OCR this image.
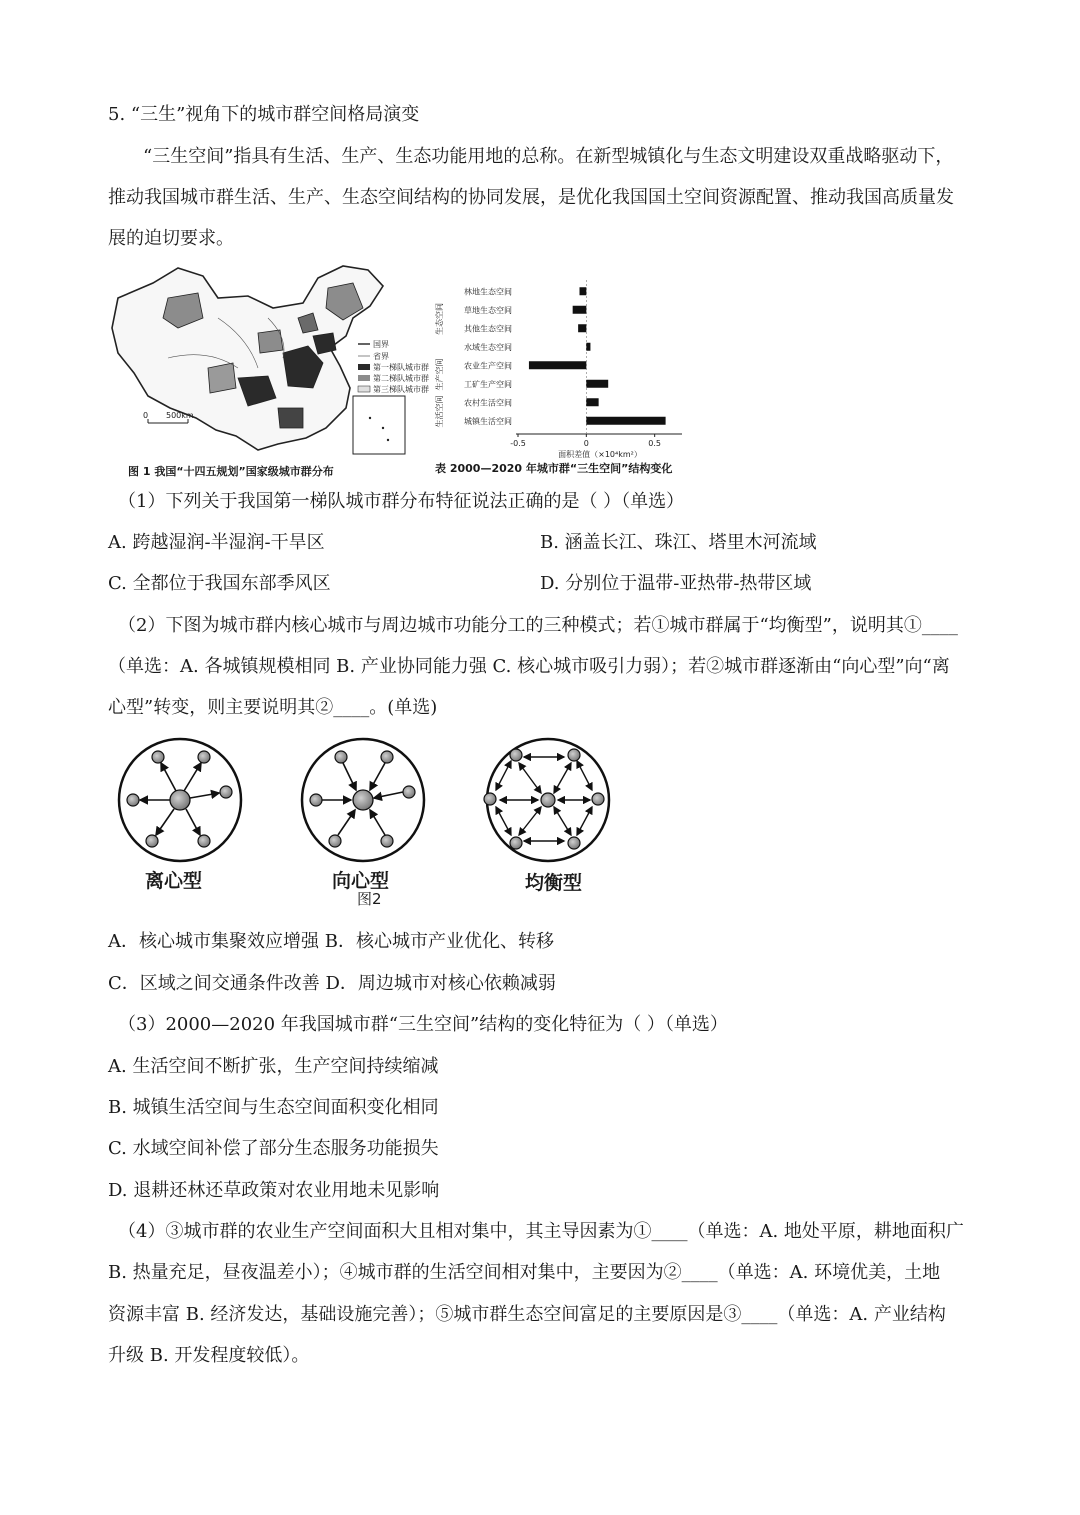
5. “三生”视角下的城市群空间格局演变
“三生空间”指具有生活、生产、生态功能用地的总称。在新型城镇化与生态文明建设双重战略驱动下，
推动我国城市群生活、生产、生态空间结构的协同发展，是优化我国国土空间资源配置、推动我国高质量发
展的迫切要求。
国界
省界
第一梯队城市群
第二梯队城市群
第三梯队城市群
0 500km
图 1 我国“十四五规划”国家级城市群分布
林地生态空间
草地生态空间
其他生态空间
水域生态空间
农业生产空间
工矿生产空间
农村生活空间
城镇生活空间
-0.5	0	0.5
面积差值（×10⁴km²）
生态空间
生产空间
生活空间
表 2000—2020 年城市群“三生空间”结构变化
（1）下列关于我国第一梯队城市群分布特征说法正确的是（ ）（单选）
A. 跨越湿润-半湿润-干旱区	B. 涵盖长江、珠江、塔里木河流域
C. 全都位于我国东部季风区	D. 分别位于温带-亚热带-热带区域
（2）下图为城市群内核心城市与周边城市功能分工的三种模式；若①城市群属于“均衡型”，说明其①____
（单选：A. 各城镇规模相同 B. 产业协同能力强 C. 核心城市吸引力弱）；若②城市群逐渐由“向心型”向“离
心型”转变，则主要说明其②____。(单选)
离心型	向心型	均衡型
图2
A．核心城市集聚效应增强 B．核心城市产业优化、转移
C．区域之间交通条件改善 D．周边城市对核心依赖减弱
（3）2000—2020 年我国城市群“三生空间”结构的变化特征为（ ）（单选）
A. 生活空间不断扩张，生产空间持续缩减
B. 城镇生活空间与生态空间面积变化相同
C. 水域空间补偿了部分生态服务功能损失
D. 退耕还林还草政策对农业用地未见影响
（4）③城市群的农业生产空间面积大且相对集中，其主导因素为①____（单选：A. 地处平原，耕地面积广
B. 热量充足，昼夜温差小）；④城市群的生活空间相对集中，主要因为②____（单选：A. 环境优美，土地
资源丰富 B. 经济发达，基础设施完善）；⑤城市群生态空间富足的主要原因是③____（单选：A. 产业结构
升级 B. 开发程度较低）。
